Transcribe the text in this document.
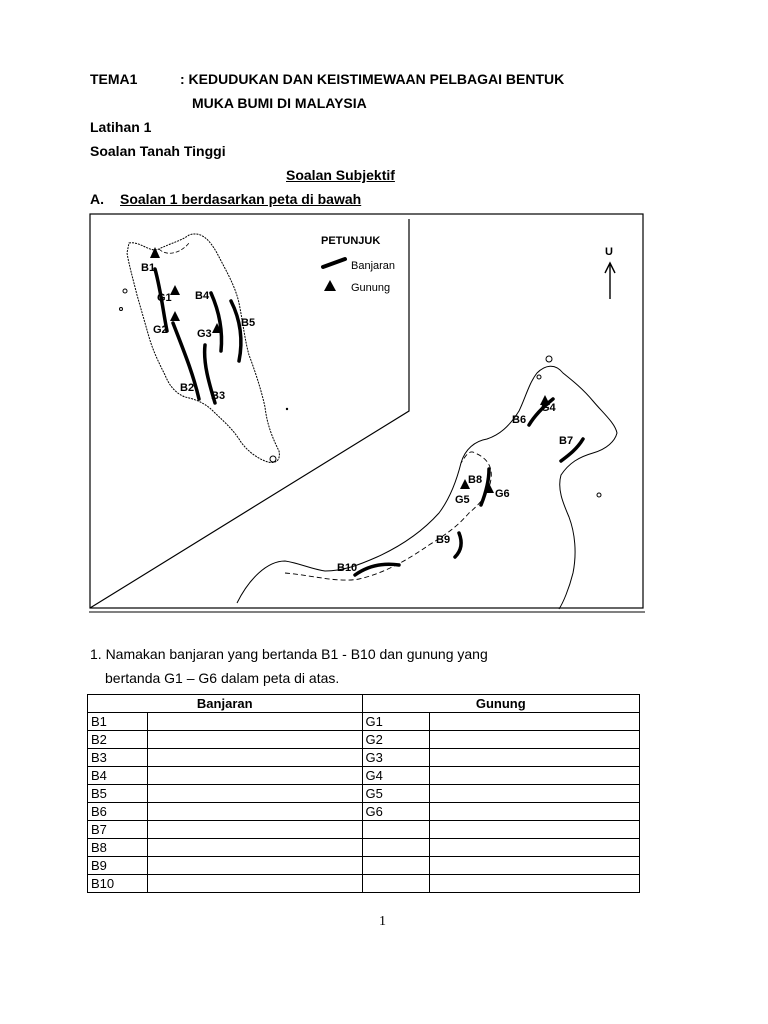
TEMA1	: KEDUDUKAN DAN KEISTIMEWAAN PELBAGAI BENTUK
MUKA BUMI DI MALAYSIA
Latihan 1
Soalan Tanah Tinggi
Soalan Subjektif
A. Soalan 1 berdasarkan peta di bawah
B1
G1
G2
B2
B3
B4
G3
B5
PETUNJUK
Banjaran
Gunung
U
B6
G4
B7
B8
G5 G6
B9
B10
1. Namakan banjaran yang bertanda B1 - B10 dan gunung yang
bertanda G1 – G6 dalam peta di atas.
Banjaran		Gunung	
B1		G1	
B2		G2	
B3		G3	
B4		G4	
B5		G5	
B6		G6	
B7			
B8			
B9			
B10			
1
